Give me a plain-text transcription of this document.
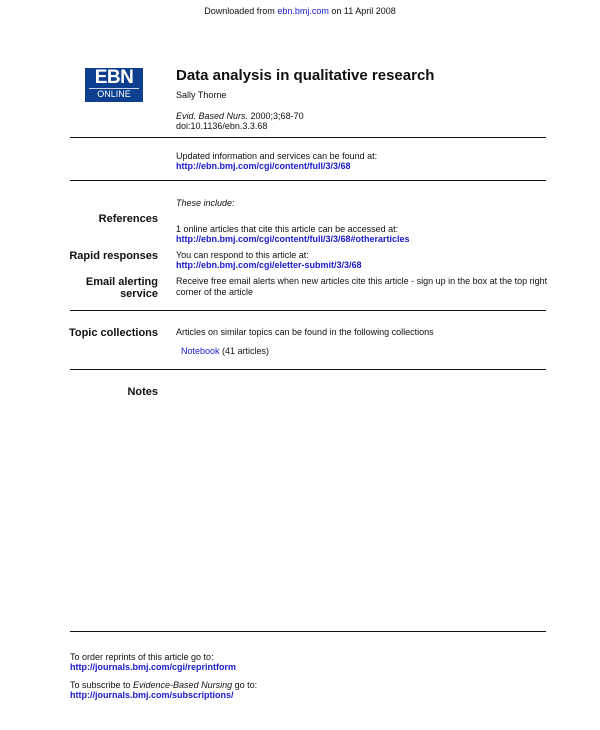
Downloaded from ebn.bmj.com on 11 April 2008
EBN
ONLINE
Data analysis in qualitative research
Sally Thorne
Evid. Based Nurs. 2000;3;68-70
doi:10.1136/ebn.3.3.68
Updated information and services can be found at:
http://ebn.bmj.com/cgi/content/full/3/3/68
These include:
References
1 online articles that cite this article can be accessed at:
http://ebn.bmj.com/cgi/content/full/3/3/68#otherarticles
Rapid responses You can respond to this article at:
http://ebn.bmj.com/cgi/eletter-submit/3/3/68
Email alerting
service
Receive free email alerts when new articles cite this article - sign up in the box at the top right corner of the article
Topic collections Articles on similar topics can be found in the following collections
Notebook (41 articles)
Notes
To order reprints of this article go to:
http://journals.bmj.com/cgi/reprintform
To subscribe to Evidence-Based Nursing go to:
http://journals.bmj.com/subscriptions/
